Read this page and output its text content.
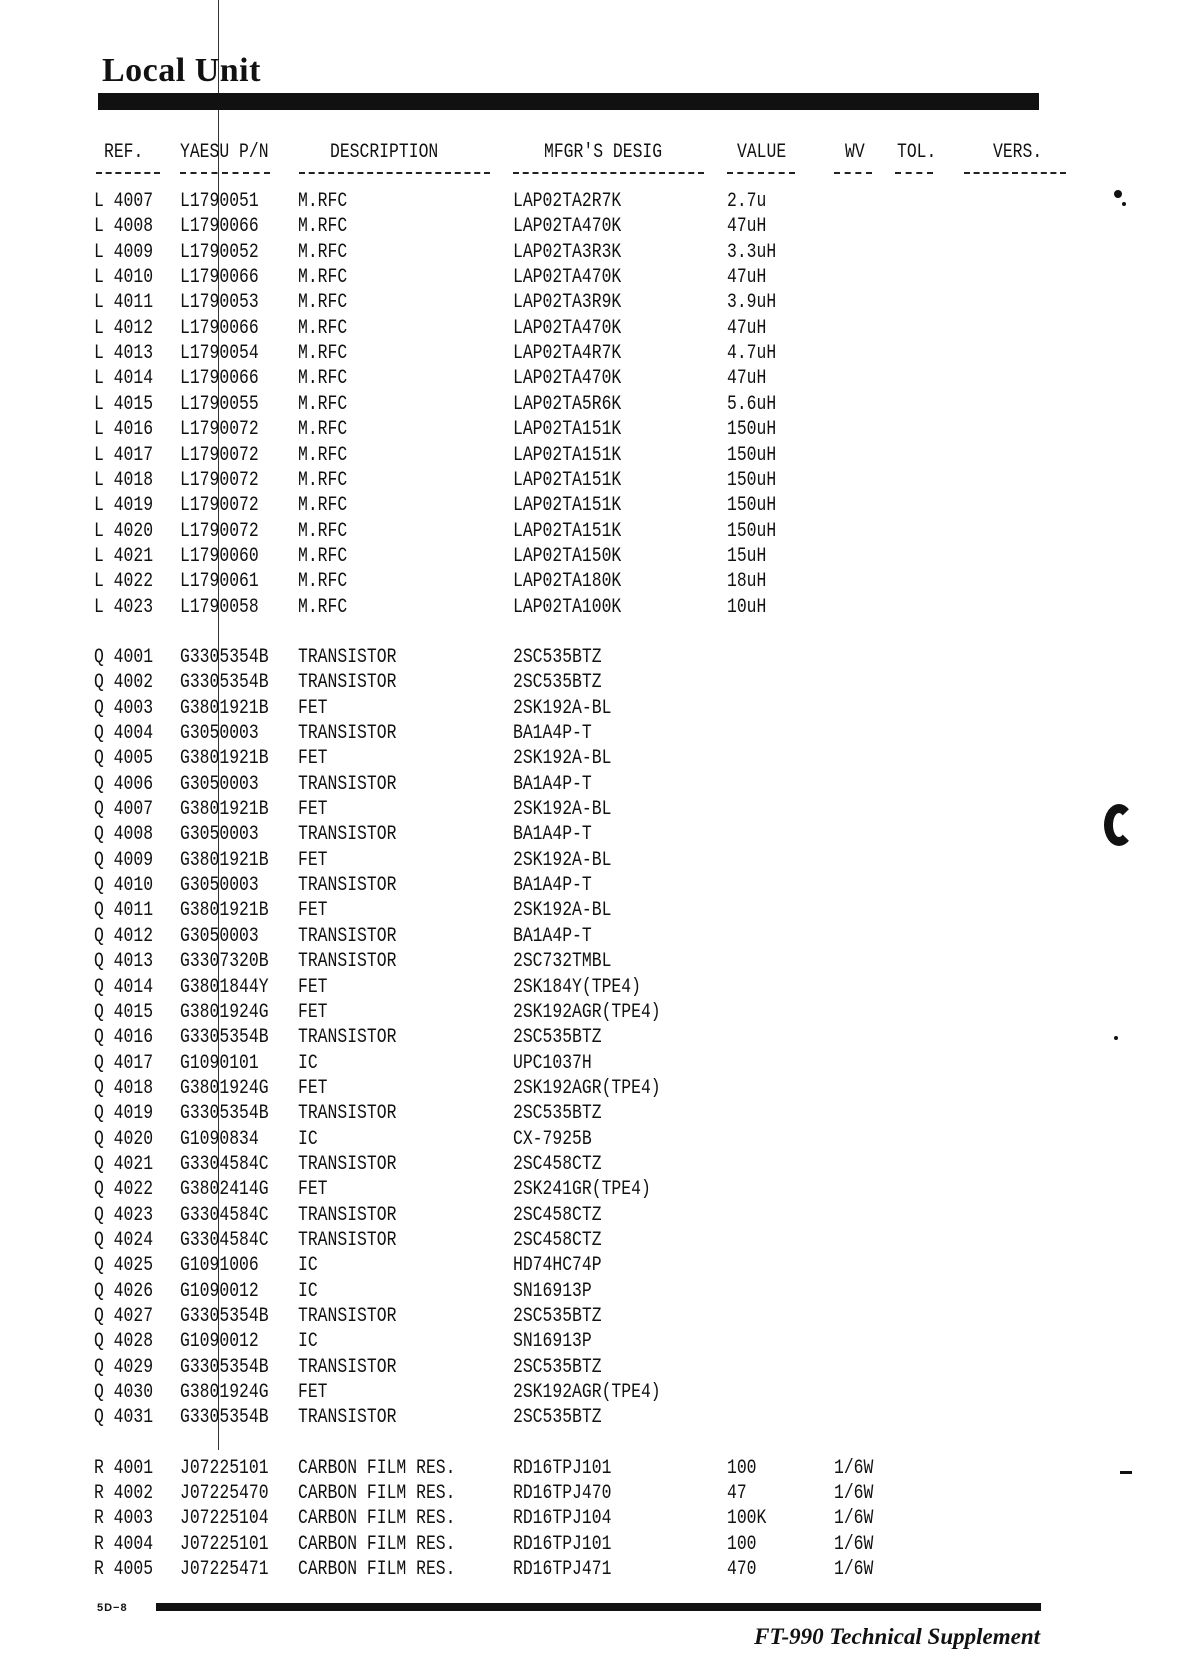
Local Unit
REF. YAESU P/N	DESCRIPTION	MFGR'S DESIG	VALUE	WV TOL.	VERS.
L 4007 L1790051 M.RFC	LAP02TA2R7K	2.7u
L 4008 L1790066 M.RFC	LAP02TA470K	47uH
L 4009 L1790052 M.RFC	LAP02TA3R3K	3.3uH
L 4010 L1790066 M.RFC	LAP02TA470K	47uH
L 4011 L1790053 M.RFC	LAP02TA3R9K	3.9uH
L 4012 L1790066 M.RFC	LAP02TA470K	47uH
L 4013 L1790054 M.RFC	LAP02TA4R7K	4.7uH
L 4014 L1790066 M.RFC	LAP02TA470K	47uH
L 4015 L1790055 M.RFC	LAP02TA5R6K	5.6uH
L 4016 L1790072 M.RFC	LAP02TA151K	150uH
L 4017 L1790072 M.RFC	LAP02TA151K	150uH
L 4018 L1790072 M.RFC	LAP02TA151K	150uH
L 4019 L1790072 M.RFC	LAP02TA151K	150uH
L 4020 L1790072 M.RFC	LAP02TA151K	150uH
L 4021 L1790060 M.RFC	LAP02TA150K	15uH
L 4022 L1790061 M.RFC	LAP02TA180K	18uH
L 4023 L1790058 M.RFC	LAP02TA100K	10uH
Q 4001 G3305354B TRANSISTOR	2SC535BTZ
Q 4002 G3305354B TRANSISTOR	2SC535BTZ
Q 4003 G3801921B FET	2SK192A-BL
Q 4004 G3050003 TRANSISTOR	BA1A4P-T
Q 4005 G3801921B FET	2SK192A-BL
Q 4006 G3050003 TRANSISTOR	BA1A4P-T
Q 4007 G3801921B FET	2SK192A-BL
Q 4008 G3050003 TRANSISTOR	BA1A4P-T
Q 4009 G3801921B FET	2SK192A-BL
Q 4010 G3050003 TRANSISTOR	BA1A4P-T
Q 4011 G3801921B FET	2SK192A-BL
Q 4012 G3050003 TRANSISTOR	BA1A4P-T
Q 4013 G3307320B TRANSISTOR	2SC732TMBL
Q 4014 G3801844Y FET	2SK184Y(TPE4)
Q 4015 G3801924G FET	2SK192AGR(TPE4)
Q 4016 G3305354B TRANSISTOR	2SC535BTZ
Q 4017 G1090101 IC	UPC1037H
Q 4018 G3801924G FET	2SK192AGR(TPE4)
Q 4019 G3305354B TRANSISTOR	2SC535BTZ
Q 4020 G1090834 IC	CX-7925B
Q 4021 G3304584C TRANSISTOR	2SC458CTZ
Q 4022 G3802414G FET	2SK241GR(TPE4)
Q 4023 G3304584C TRANSISTOR	2SC458CTZ
Q 4024 G3304584C TRANSISTOR	2SC458CTZ
Q 4025 G1091006 IC	HD74HC74P
Q 4026 G1090012 IC	SN16913P
Q 4027 G3305354B TRANSISTOR	2SC535BTZ
Q 4028 G1090012 IC	SN16913P
Q 4029 G3305354B TRANSISTOR	2SC535BTZ
Q 4030 G3801924G FET	2SK192AGR(TPE4)
Q 4031 G3305354B TRANSISTOR	2SC535BTZ
R 4001 J07225101 CARBON FILM RES.	RD16TPJ101	100	1/6W
R 4002 J07225470 CARBON FILM RES.	RD16TPJ470	47	1/6W
R 4003 J07225104 CARBON FILM RES.	RD16TPJ104	100K	1/6W
R 4004 J07225101 CARBON FILM RES.	RD16TPJ101	100	1/6W
R 4005 J07225471 CARBON FILM RES.	RD16TPJ471	470	1/6W
5D−8
FT-990 Technical Supplement
